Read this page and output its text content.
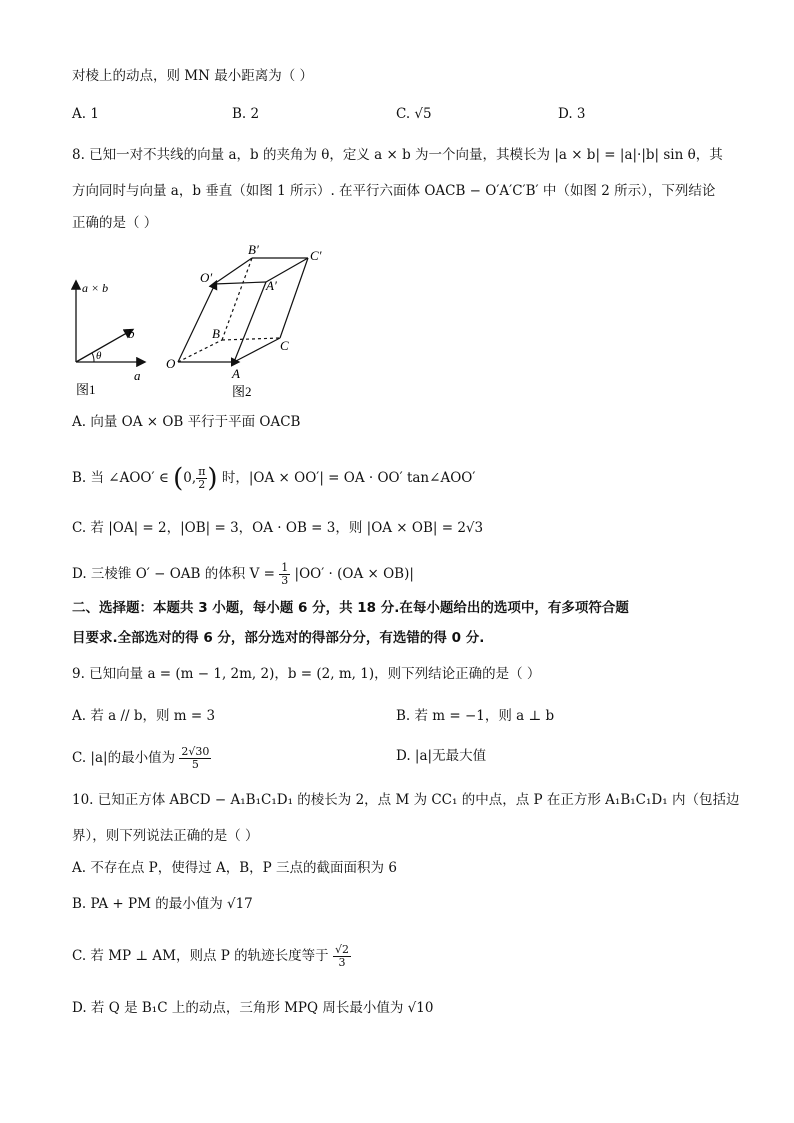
对棱上的动点，则 MN 最小距离为（ ）
A. 1	B. 2	C. √5	D. 3
8. 已知一对不共线的向量 a，b 的夹角为 θ，定义 a × b 为一个向量，其模长为 |a × b| = |a|·|b| sin θ，其
方向同时与向量 a，b 垂直（如图 1 所示）. 在平行六面体 OACB − O′A′C′B′ 中（如图 2 所示），下列结论
正确的是（ ）
a × b
b
a
θ
图1
O
A
B
C
O′
A′
B′	C′
图2
A. 向量 OA × OB 平行于平面 OACB
B. 当 ∠AOO′ ∈ (0, $\frac{\pi}{2}$ ) 时，|OA × OO′| = OA · OO′ tan∠AOO′
C. 若 |OA| = 2，|OB| = 3，OA · OB = 3，则 |OA × OB| = 2√3
D. 三棱锥 O′ − OAB 的体积 $V = \frac{1}{3} |OO' \cdot (OA \times OB)|$
二、选择题：本题共 3 小题，每小题 6 分，共 18 分.在每小题给出的选项中，有多项符合题
目要求.全部选对的得 6 分，部分选对的得部分分，有选错的得 0 分.
9. 已知向量 a = (m − 1, 2m, 2)，b = (2, m, 1)，则下列结论正确的是（ ）
A. 若 a // b，则 m = 3	B. 若 m = −1，则 a ⊥ b
C. |a|的最小值为 $\frac{2√30}{5}$	D. |a|无最大值
10. 已知正方体 ABCD − A₁B₁C₁D₁ 的棱长为 2，点 M 为 CC₁ 的中点，点 P 在正方形 A₁B₁C₁D₁ 内（包括边
界），则下列说法正确的是（ ）
A. 不存在点 P，使得过 A，B，P 三点的截面面积为 6
B. PA + PM 的最小值为 √17
C. 若 MP ⊥ AM，则点 P 的轨迹长度等于 $\frac{√2}{3}$
D. 若 Q 是 B₁C 上的动点，三角形 MPQ 周长最小值为 √10
